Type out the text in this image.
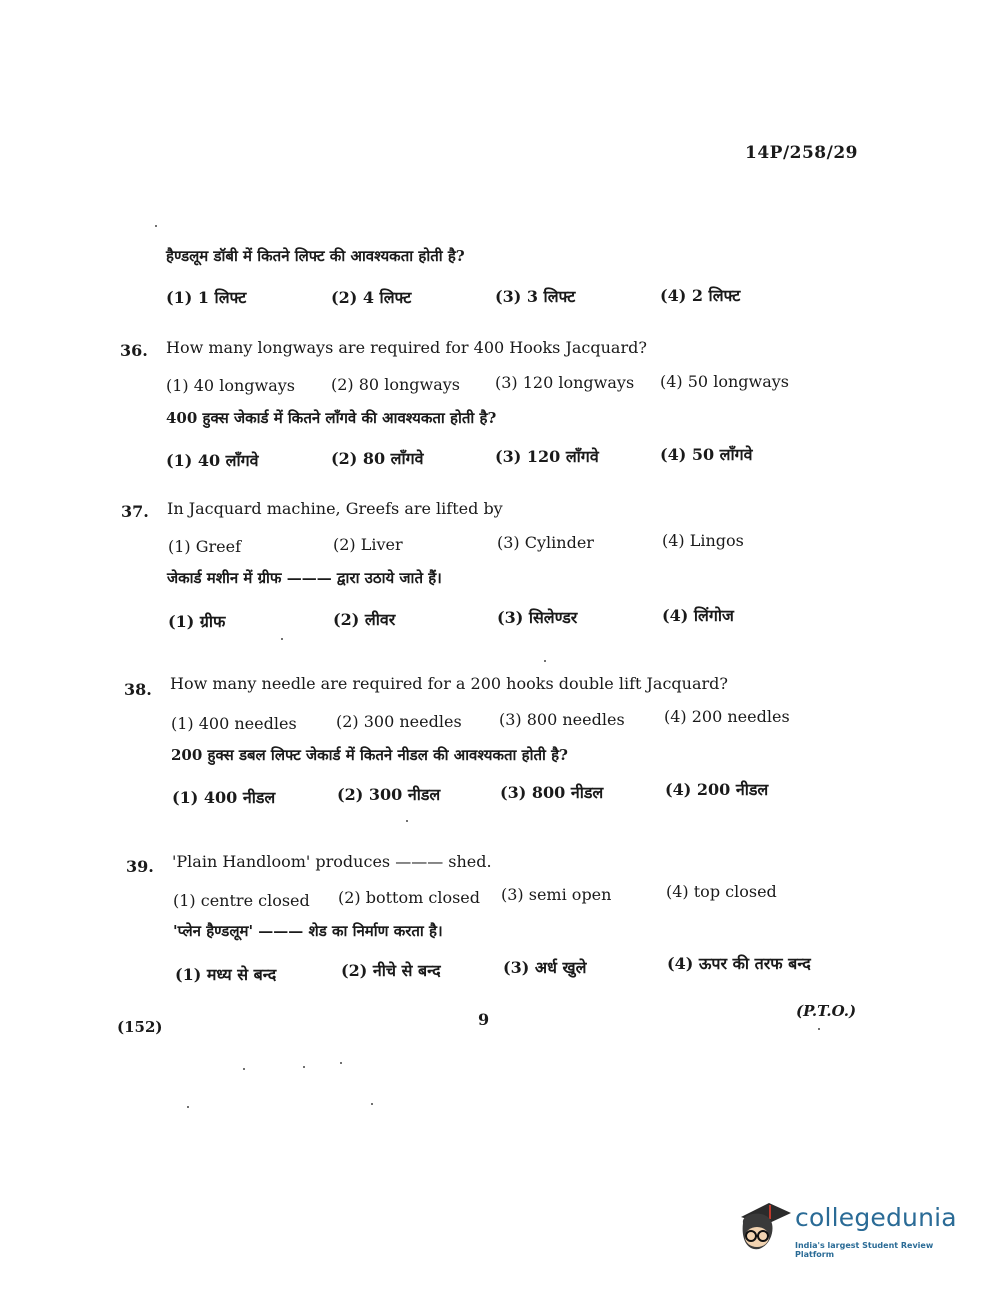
14P/258/29
हैण्डलूम डॉबी में कितने लिफ्ट की आवश्यकता होती है?
(1) 1 लिफ्ट	(2) 4 लिफ्ट	(3) 3 लिफ्ट	(4) 2 लिफ्ट
36. How many longways are required for 400 Hooks Jacquard?
(1) 40 longways (2) 80 longways (3) 120 longways (4) 50 longways
400 हुक्स जेकार्ड में कितने लाँगवे की आवश्यकता होती है?
(1) 40 लाँगवे	(2) 80 लाँगवे	(3) 120 लाँगवे	(4) 50 लाँगवे
37. In Jacquard machine, Greefs are lifted by
(1) Greef	(2) Liver	(3) Cylinder	(4) Lingos
जेकार्ड मशीन में ग्रीफ ——— द्वारा उठाये जाते हैं।
(1) ग्रीफ	(2) लीवर	(3) सिलेण्डर	(4) लिंगोज
38. How many needle are required for a 200 hooks double lift Jacquard?
(1) 400 needles (2) 300 needles (3) 800 needles (4) 200 needles
200 हुक्स डबल लिफ्ट जेकार्ड में कितने नीडल की आवश्यकता होती है?
(1) 400 नीडल	(2) 300 नीडल	(3) 800 नीडल	(4) 200 नीडल
39. 'Plain Handloom' produces ——— shed.
(1) centre closed (2) bottom closed (3) semi open	(4) top closed
'प्लेन हैण्डलूम' ——— शेड का निर्माण करता है।
(1) मध्य से बन्द	(2) नीचे से बन्द	(3) अर्ध खुले	(4) ऊपर की तरफ बन्द
(152)	9	(P.T.O.)
collegedunia
India's largest Student Review Platform
